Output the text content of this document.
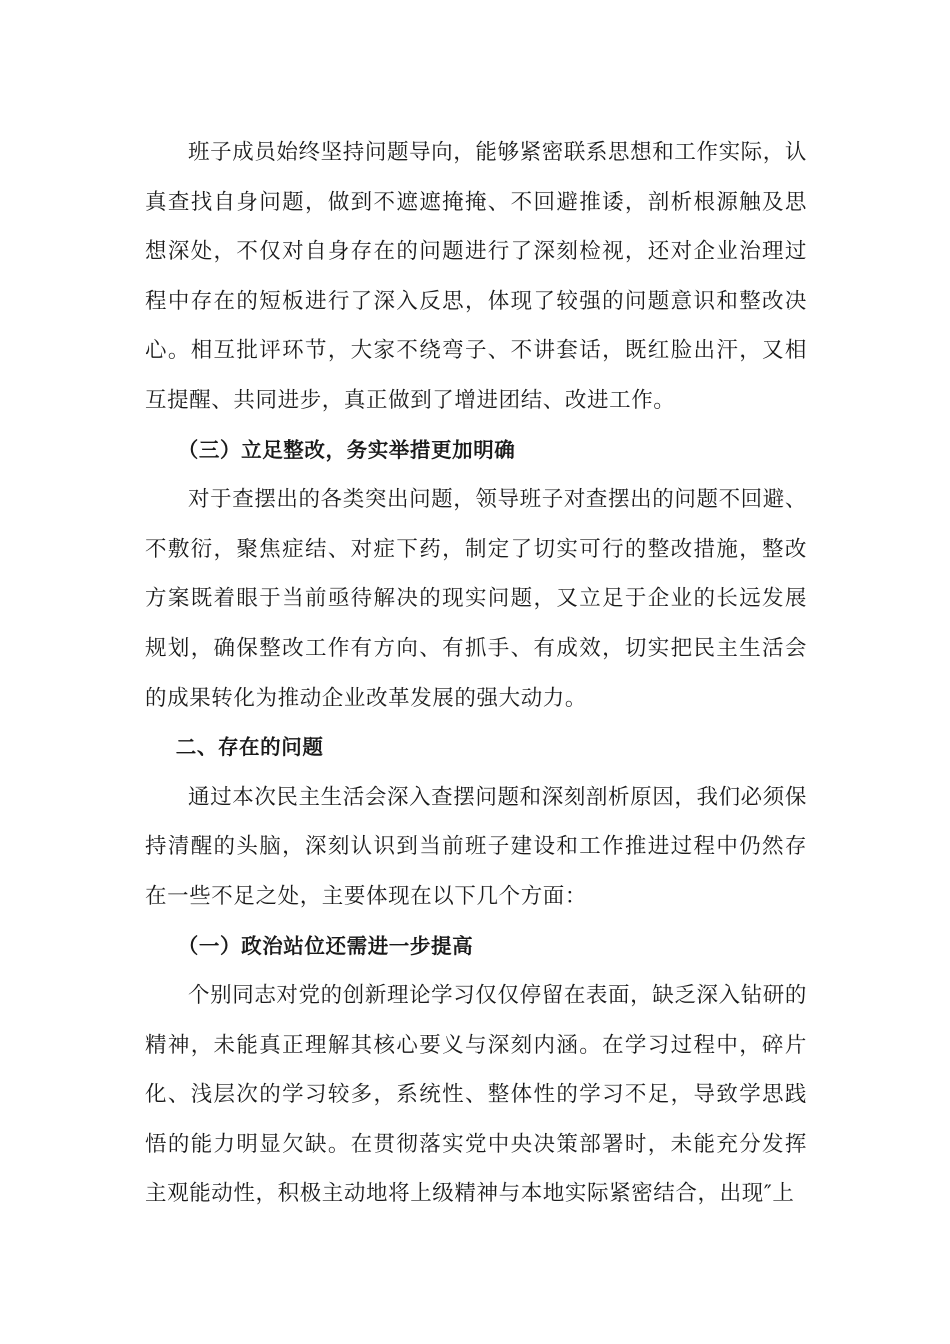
班子成员始终坚持问题导向，能够紧密联系思想和工作实际，认真查找自身问题，做到不遮遮掩掩、不回避推诿，剖析根源触及思想深处，不仅对自身存在的问题进行了深刻检视，还对企业治理过程中存在的短板进行了深入反思，体现了较强的问题意识和整改决心。相互批评环节，大家不绕弯子、不讲套话，既红脸出汗，又相互提醒、共同进步，真正做到了增进团结、改进工作。

（三）立足整改，务实举措更加明确

对于查摆出的各类突出问题，领导班子对查摆出的问题不回避、不敷衍，聚焦症结、对症下药，制定了切实可行的整改措施，整改方案既着眼于当前亟待解决的现实问题，又立足于企业的长远发展规划，确保整改工作有方向、有抓手、有成效，切实把民主生活会的成果转化为推动企业改革发展的强大动力。

二、存在的问题

通过本次民主生活会深入查摆问题和深刻剖析原因，我们必须保持清醒的头脑，深刻认识到当前班子建设和工作推进过程中仍然存在一些不足之处，主要体现在以下几个方面：

（一）政治站位还需进一步提高

个别同志对党的创新理论学习仅仅停留在表面，缺乏深入钻研的精神，未能真正理解其核心要义与深刻内涵。在学习过程中，碎片化、浅层次的学习较多，系统性、整体性的学习不足，导致学思践悟的能力明显欠缺。在贯彻落实党中央决策部署时，未能充分发挥主观能动性，积极主动地将上级精神与本地实际紧密结合，出现″上
